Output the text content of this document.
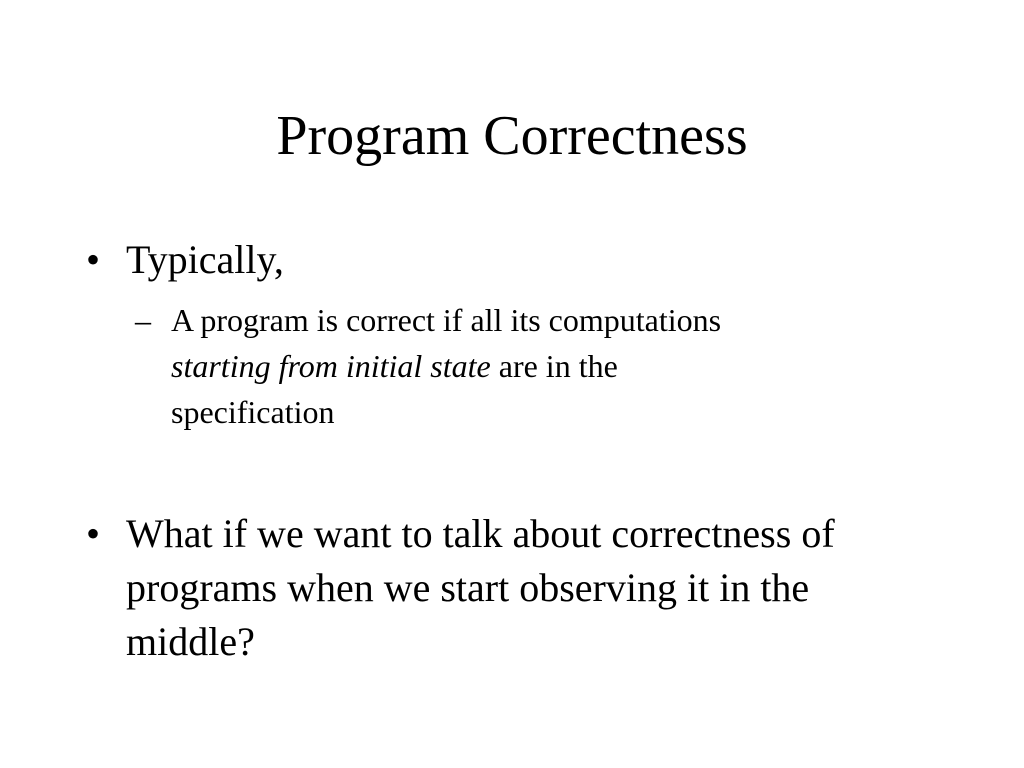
Program Correctness
• Typically,
– A program is correct if all its computations
starting from initial state are in the
specification
• What if we want to talk about correctness of
programs when we start observing it in the
middle?
